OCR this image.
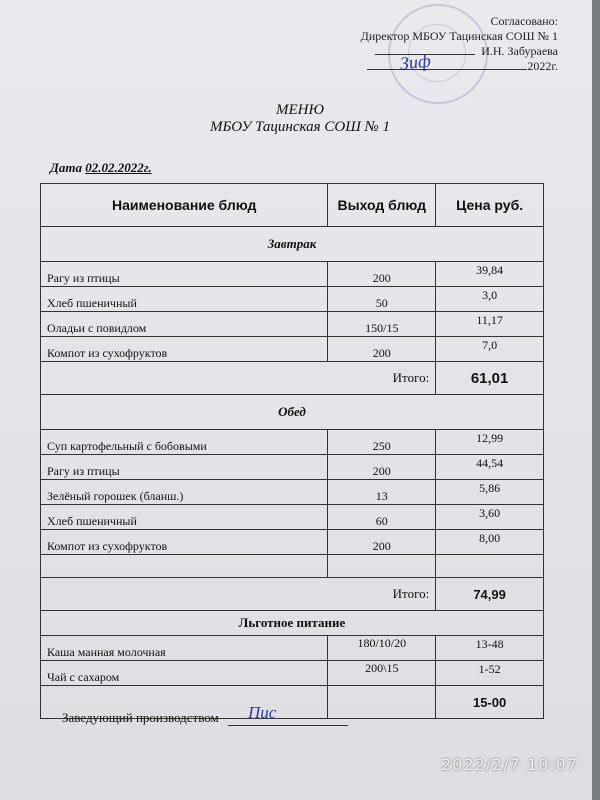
Зиф
Согласовано:
Директор МБОУ Тацинская СОШ № 1
И.Н. Забураева
2022г.
МЕНЮ
МБОУ Тацинская СОШ № 1
Дата 02.02.2022г.
Наименование блюд	Выход блюд	Цена руб.
Завтрак		
Рагу из птицы	200	39,84
Хлеб пшеничный	50	3,0
Оладьи с повидлом	150/15	11,17
Компот из сухофруктов	200	7,0
Итого:		61,01
Обед		
Суп картофельный с бобовыми	250	12,99
Рагу из птицы	200	44,54
Зелёный горошек (бланш.)	13	5,86
Хлеб пшеничный	60	3,60
Компот из сухофруктов	200	8,00

Итого:		74,99
Льготное питание		
Каша манная молочная	180/10/20	13-48
Чай с сахаром	200\15	1-52
		15-00
Заведующий производством Пис
2022/2/7 10:07
